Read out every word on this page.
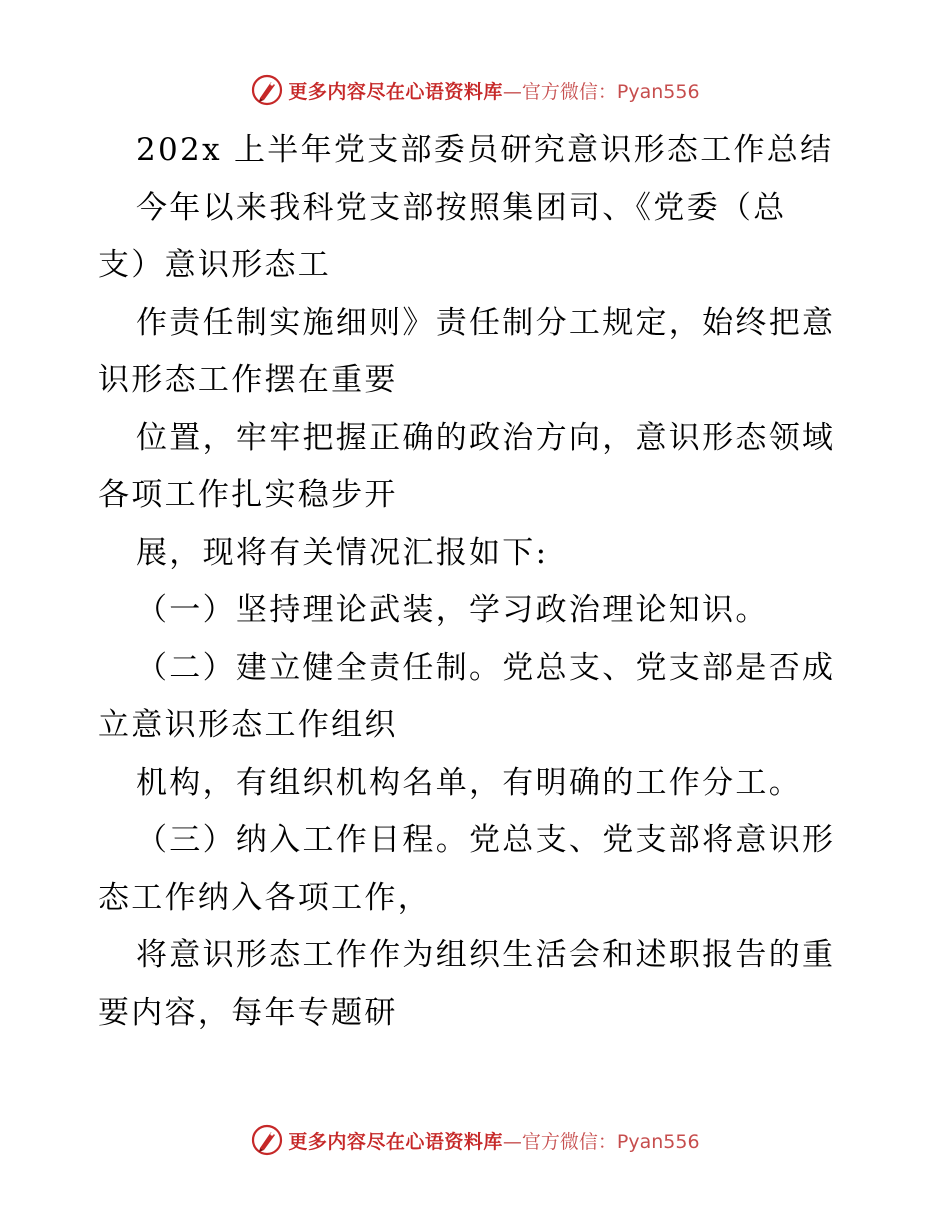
更多内容尽在心语资料库 —官方微信：Pyan556
202x 上半年党支部委员研究意识形态工作总结
今年以来我科党支部按照集团司、《党委（总
支）意识形态工
作责任制实施细则》责任制分工规定，始终把意
识形态工作摆在重要
位置，牢牢把握正确的政治方向，意识形态领域
各项工作扎实稳步开
展，现将有关情况汇报如下:
（一）坚持理论武装，学习政治理论知识。
（二）建立健全责任制。党总支、党支部是否成
立意识形态工作组织
机构，有组织机构名单，有明确的工作分工。
（三）纳入工作日程。党总支、党支部将意识形
态工作纳入各项工作，
将意识形态工作作为组织生活会和述职报告的重
要内容，每年专题研
更多内容尽在心语资料库 —官方微信：Pyan556
